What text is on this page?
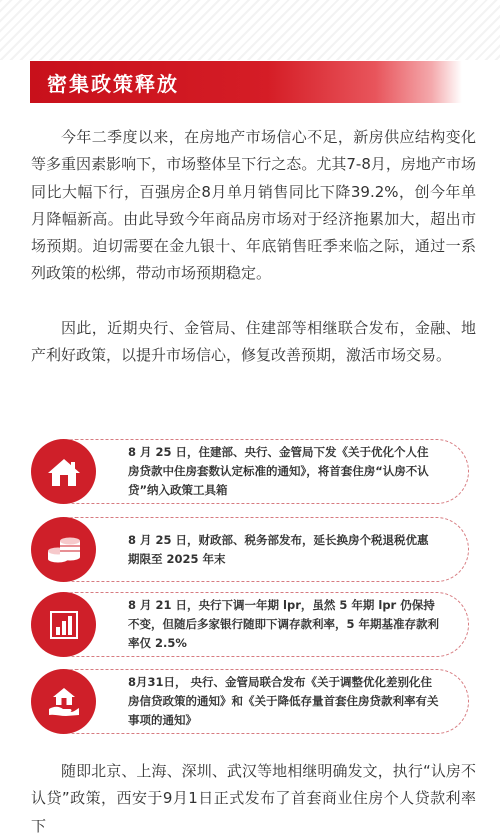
密集政策释放

今年二季度以来，在房地产市场信心不足，新房供应结构变化等多重因素影响下，市场整体呈下行之态。尤其7-8月，房地产市场同比大幅下行，百强房企8月单月销售同比下降39.2%，创今年单月降幅新高。由此导致今年商品房市场对于经济拖累加大，超出市场预期。迫切需要在金九银十、年底销售旺季来临之际，通过一系列政策的松绑，带动市场预期稳定。

因此，近期央行、金管局、住建部等相继联合发布，金融、地产利好政策，以提升市场信心，修复改善预期，激活市场交易。

8 月 25 日，住建部、央行、金管局下发《关于优化个人住房贷款中住房套数认定标准的通知》，将首套住房“认房不认贷”纳入政策工具箱
8 月 25 日，财政部、税务部发布，延长换房个税退税优惠期限至 2025 年末
8 月 21 日，央行下调一年期 lpr，虽然 5 年期 lpr 仍保持不变，但随后多家银行随即下调存款利率，5 年期基准存款利率仅 2.5%
8月31日， 央行、金管局联合发布《关于调整优化差别化住房信贷政策的通知》和《关于降低存量首套住房贷款利率有关事项的通知》

随即北京、上海、深圳、武汉等地相继明确发文，执行“认房不认贷”政策，西安于9月1日正式发布了首套商业住房个人贷款利率下
